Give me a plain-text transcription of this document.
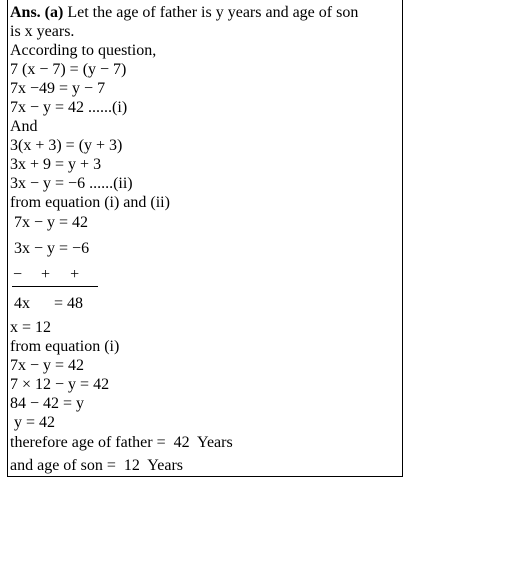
Ans. (a) Let the age of father is y years and age of son
is x years.
According to question,
7 (x − 7) = (y − 7)
7x −49 = y − 7
7x − y = 42 ......(i)
And
3(x + 3) = (y + 3)
3x + 9 = y + 3
3x − y = −6 ......(ii)
from equation (i) and (ii)
7x − y = 42
3x − y = −6
− + +
4x      = 48
x = 12
from equation (i)
7x − y = 42
7 × 12 − y = 42
84 − 42 = y
y = 42
therefore age of father =  42  Years
and age of son =  12  Years
